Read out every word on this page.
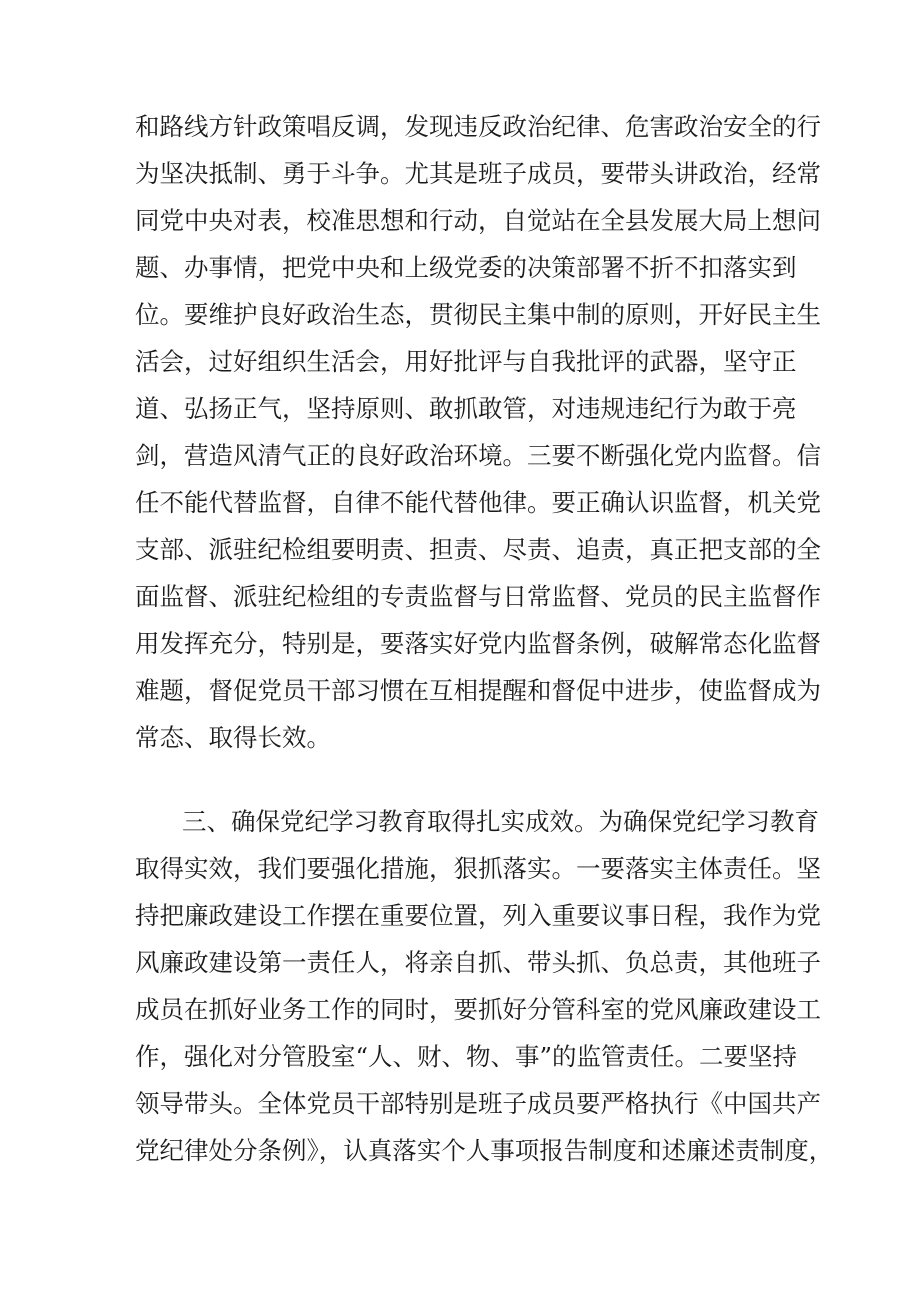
和路线方针政策唱反调，发现违反政治纪律、危害政治安全的行
为坚决抵制、勇于斗争。尤其是班子成员，要带头讲政治，经常
同党中央对表，校准思想和行动，自觉站在全县发展大局上想问
题、办事情，把党中央和上级党委的决策部署不折不扣落实到
位。要维护良好政治生态，贯彻民主集中制的原则，开好民主生
活会，过好组织生活会，用好批评与自我批评的武器，坚守正
道、弘扬正气，坚持原则、敢抓敢管，对违规违纪行为敢于亮
剑，营造风清气正的良好政治环境。三要不断强化党内监督。信
任不能代替监督，自律不能代替他律。要正确认识监督，机关党
支部、派驻纪检组要明责、担责、尽责、追责，真正把支部的全
面监督、派驻纪检组的专责监督与日常监督、党员的民主监督作
用发挥充分，特别是，要落实好党内监督条例，破解常态化监督
难题，督促党员干部习惯在互相提醒和督促中进步，使监督成为
常态、取得长效。
三、确保党纪学习教育取得扎实成效。为确保党纪学习教育
取得实效，我们要强化措施，狠抓落实。一要落实主体责任。坚
持把廉政建设工作摆在重要位置，列入重要议事日程，我作为党
风廉政建设第一责任人，将亲自抓、带头抓、负总责，其他班子
成员在抓好业务工作的同时，要抓好分管科室的党风廉政建设工
作，强化对分管股室“人、财、物、事”的监管责任。二要坚持
领导带头。全体党员干部特别是班子成员要严格执行《中国共产
党纪律处分条例》，认真落实个人事项报告制度和述廉述责制度，
